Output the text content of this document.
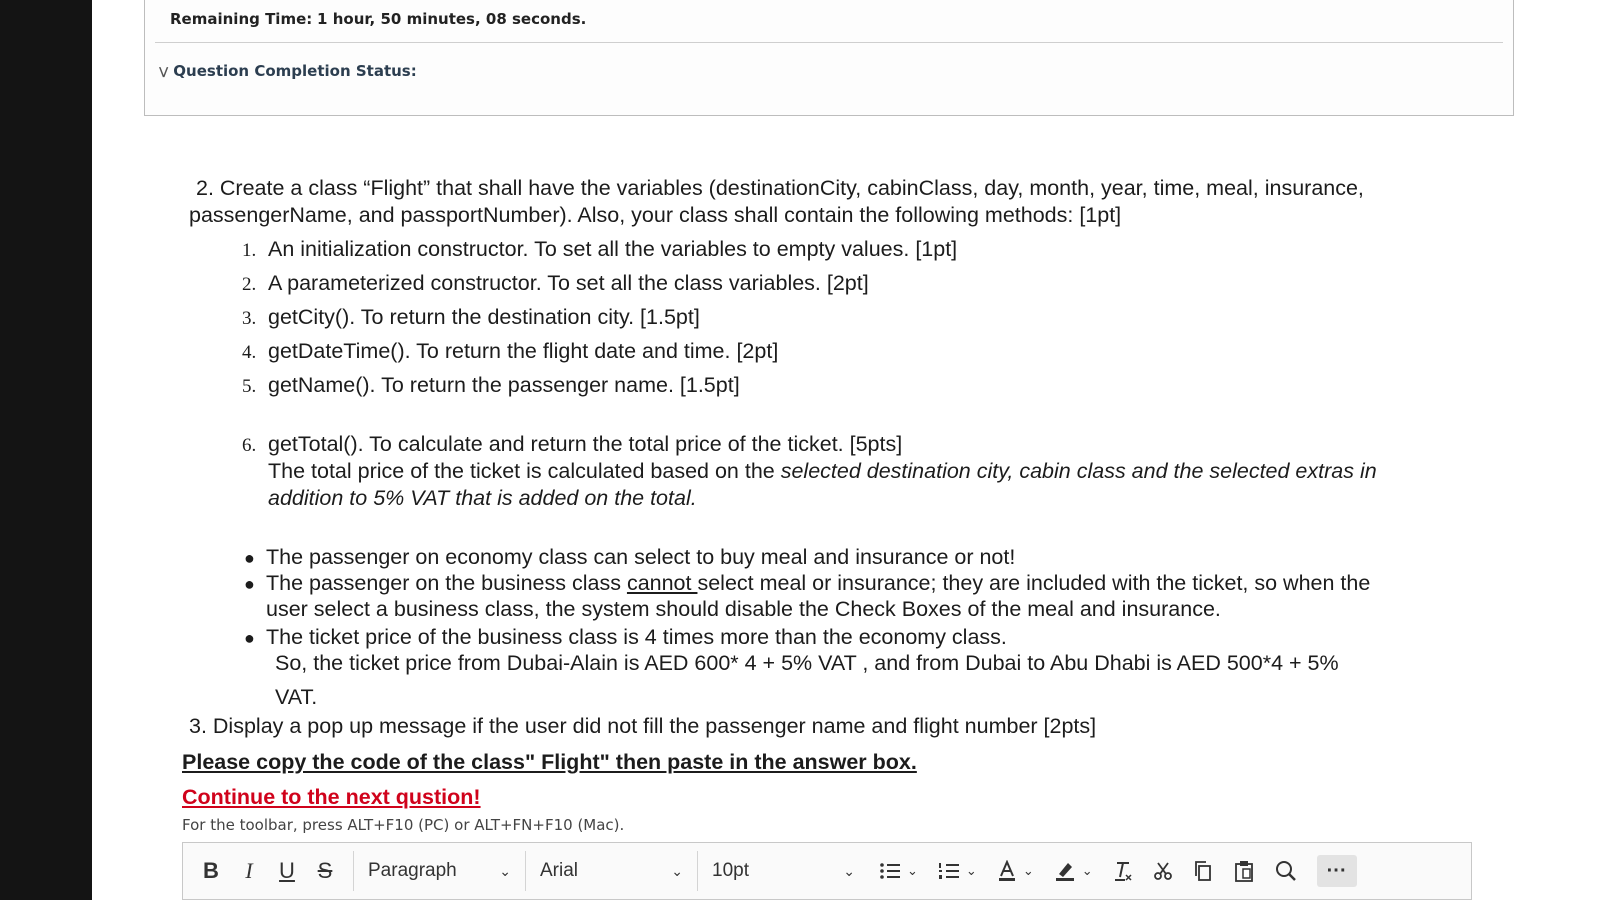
Remaining Time: 1 hour, 50 minutes, 08 seconds.
⋁ Question Completion Status:
2. Create a class “Flight” that shall have the variables (destinationCity, cabinClass, day, month, year, time, meal, insurance,
passengerName, and passportNumber). Also, your class shall contain the following methods: [1pt]
1. An initialization constructor. To set all the variables to empty values. [1pt]
2. A parameterized constructor. To set all the class variables. [2pt]
3. getCity(). To return the destination city. [1.5pt]
4. getDateTime(). To return the flight date and time. [2pt]
5. getName(). To return the passenger name. [1.5pt]
6. getTotal(). To calculate and return the total price of the ticket. [5pts]
The total price of the ticket is calculated based on the selected destination city, cabin class and the selected extras in
addition to 5% VAT that is added on the total.
● The passenger on economy class can select to buy meal and insurance or not!
● The passenger on the business class cannot select meal or insurance; they are included with the ticket, so when the
user select a business class, the system should disable the Check Boxes of the meal and insurance.
● The ticket price of the business class is 4 times more than the economy class.
So, the ticket price from Dubai-Alain is AED 600* 4 + 5% VAT , and from Dubai to Abu Dhabi is AED 500*4 + 5%
VAT.
3. Display a pop up message if the user did not fill the passenger name and flight number [2pts]
Please copy the code of the class" Flight" then paste in the answer box.
Continue to the next qustion!
For the toolbar, press ALT+F10 (PC) or ALT+FN+F10 (Mac).
B I U S Paragraph	⌄ Arial	⌄ 10pt	⌄	⌄	⌄	⌄	⌄	···
